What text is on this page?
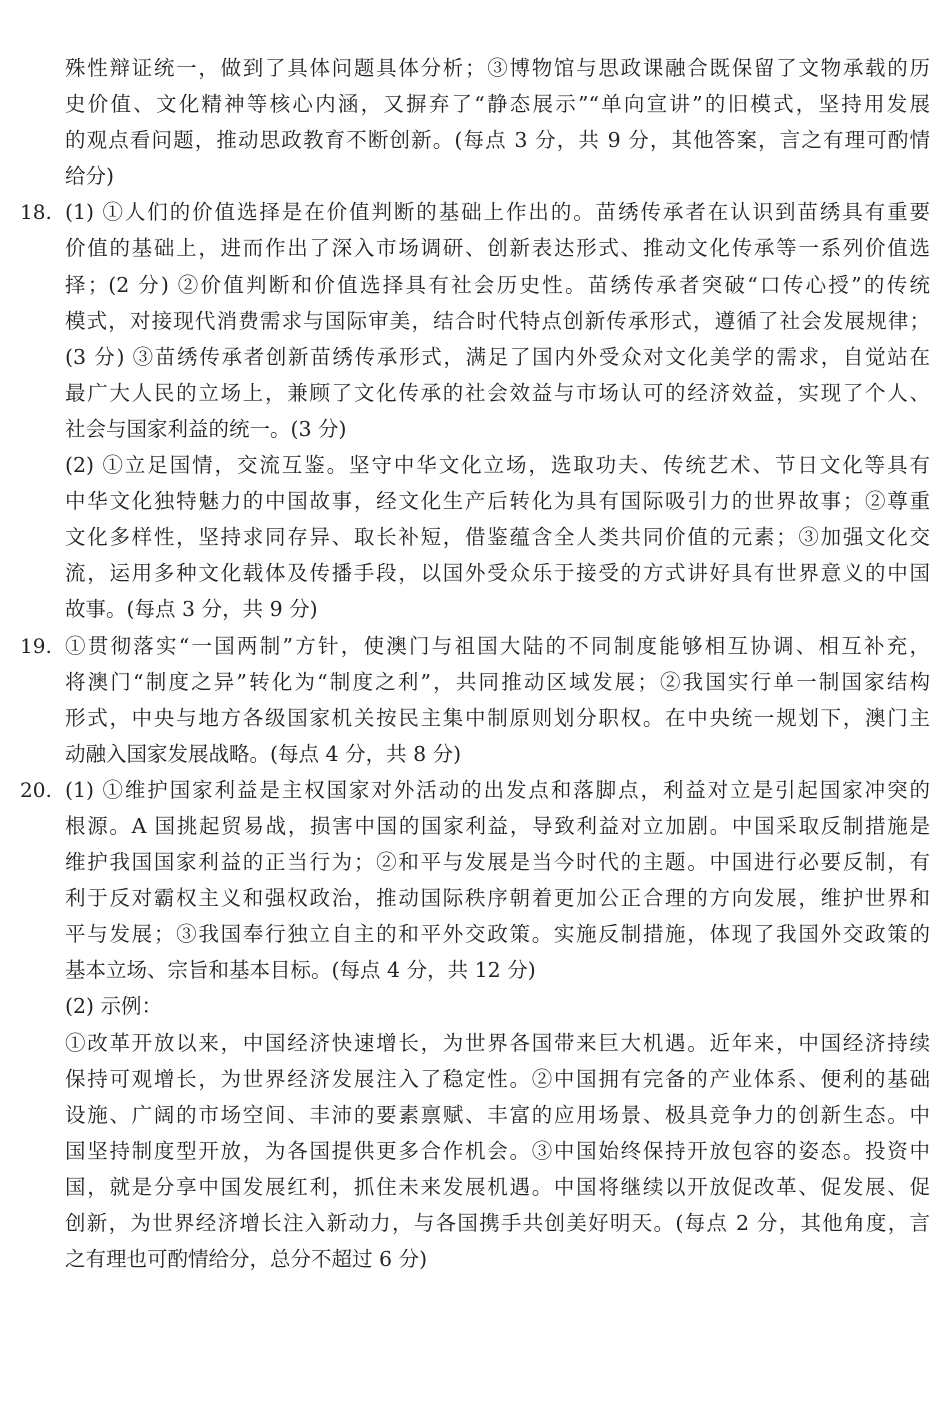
殊性辩证统一，做到了具体问题具体分析；③博物馆与思政课融合既保留了文物承载的历
史价值、文化精神等核心内涵，又摒弃了“静态展示”“单向宣讲”的旧模式，坚持用发展
的观点看问题，推动思政教育不断创新。(每点 3 分，共 9 分，其他答案，言之有理可酌情
给分)
18. (1) ①人们的价值选择是在价值判断的基础上作出的。苗绣传承者在认识到苗绣具有重要
价值的基础上，进而作出了深入市场调研、创新表达形式、推动文化传承等一系列价值选
择；(2 分) ②价值判断和价值选择具有社会历史性。苗绣传承者突破“口传心授”的传统
模式，对接现代消费需求与国际审美，结合时代特点创新传承形式，遵循了社会发展规律；
(3 分) ③苗绣传承者创新苗绣传承形式，满足了国内外受众对文化美学的需求，自觉站在
最广大人民的立场上，兼顾了文化传承的社会效益与市场认可的经济效益，实现了个人、
社会与国家利益的统一。(3 分)
(2) ①立足国情，交流互鉴。坚守中华文化立场，选取功夫、传统艺术、节日文化等具有
中华文化独特魅力的中国故事，经文化生产后转化为具有国际吸引力的世界故事；②尊重
文化多样性，坚持求同存异、取长补短，借鉴蕴含全人类共同价值的元素；③加强文化交
流，运用多种文化载体及传播手段，以国外受众乐于接受的方式讲好具有世界意义的中国
故事。(每点 3 分，共 9 分)
19. ①贯彻落实“一国两制”方针，使澳门与祖国大陆的不同制度能够相互协调、相互补充，
将澳门“制度之异”转化为“制度之利”，共同推动区域发展；②我国实行单一制国家结构
形式，中央与地方各级国家机关按民主集中制原则划分职权。在中央统一规划下，澳门主
动融入国家发展战略。(每点 4 分，共 8 分)
20. (1) ①维护国家利益是主权国家对外活动的出发点和落脚点，利益对立是引起国家冲突的
根源。A 国挑起贸易战，损害中国的国家利益，导致利益对立加剧。中国采取反制措施是
维护我国国家利益的正当行为；②和平与发展是当今时代的主题。中国进行必要反制，有
利于反对霸权主义和强权政治，推动国际秩序朝着更加公正合理的方向发展，维护世界和
平与发展；③我国奉行独立自主的和平外交政策。实施反制措施，体现了我国外交政策的
基本立场、宗旨和基本目标。(每点 4 分，共 12 分)
(2) 示例：
①改革开放以来，中国经济快速增长，为世界各国带来巨大机遇。近年来，中国经济持续
保持可观增长，为世界经济发展注入了稳定性。②中国拥有完备的产业体系、便利的基础
设施、广阔的市场空间、丰沛的要素禀赋、丰富的应用场景、极具竞争力的创新生态。中
国坚持制度型开放，为各国提供更多合作机会。③中国始终保持开放包容的姿态。投资中
国，就是分享中国发展红利，抓住未来发展机遇。中国将继续以开放促改革、促发展、促
创新，为世界经济增长注入新动力，与各国携手共创美好明天。(每点 2 分，其他角度，言
之有理也可酌情给分，总分不超过 6 分)
